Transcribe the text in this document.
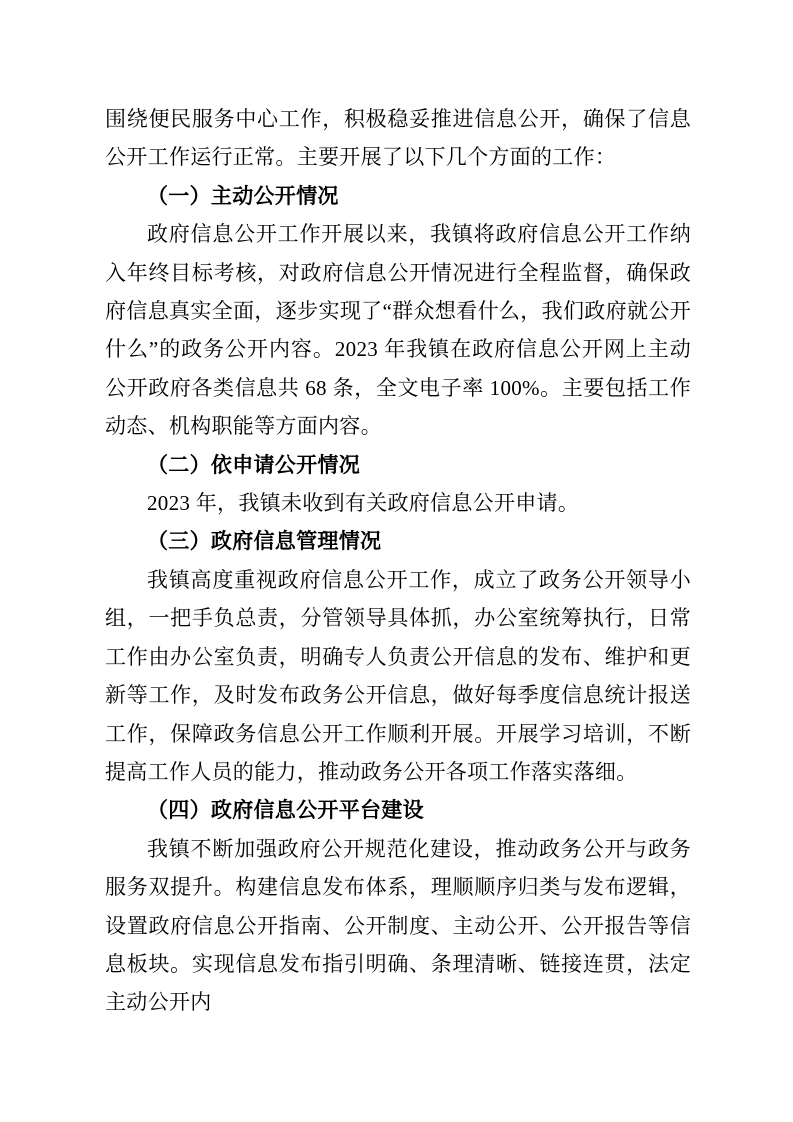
围绕便民服务中心工作，积极稳妥推进信息公开，确保了信息公开工作运行正常。主要开展了以下几个方面的工作：

（一）主动公开情况

政府信息公开工作开展以来，我镇将政府信息公开工作纳入年终目标考核，对政府信息公开情况进行全程监督，确保政府信息真实全面，逐步实现了“群众想看什么，我们政府就公开什么”的政务公开内容。2023 年我镇在政府信息公开网上主动公开政府各类信息共 68 条，全文电子率 100%。主要包括工作动态、机构职能等方面内容。

（二）依申请公开情况

2023 年，我镇未收到有关政府信息公开申请。

（三）政府信息管理情况

我镇高度重视政府信息公开工作，成立了政务公开领导小组，一把手负总责，分管领导具体抓，办公室统筹执行，日常工作由办公室负责，明确专人负责公开信息的发布、维护和更新等工作，及时发布政务公开信息，做好每季度信息统计报送工作，保障政务信息公开工作顺利开展。开展学习培训，不断提高工作人员的能力，推动政务公开各项工作落实落细。

（四）政府信息公开平台建设

我镇不断加强政府公开规范化建设，推动政务公开与政务服务双提升。构建信息发布体系，理顺顺序归类与发布逻辑，设置政府信息公开指南、公开制度、主动公开、公开报告等信息板块。实现信息发布指引明确、条理清晰、链接连贯，法定主动公开内
